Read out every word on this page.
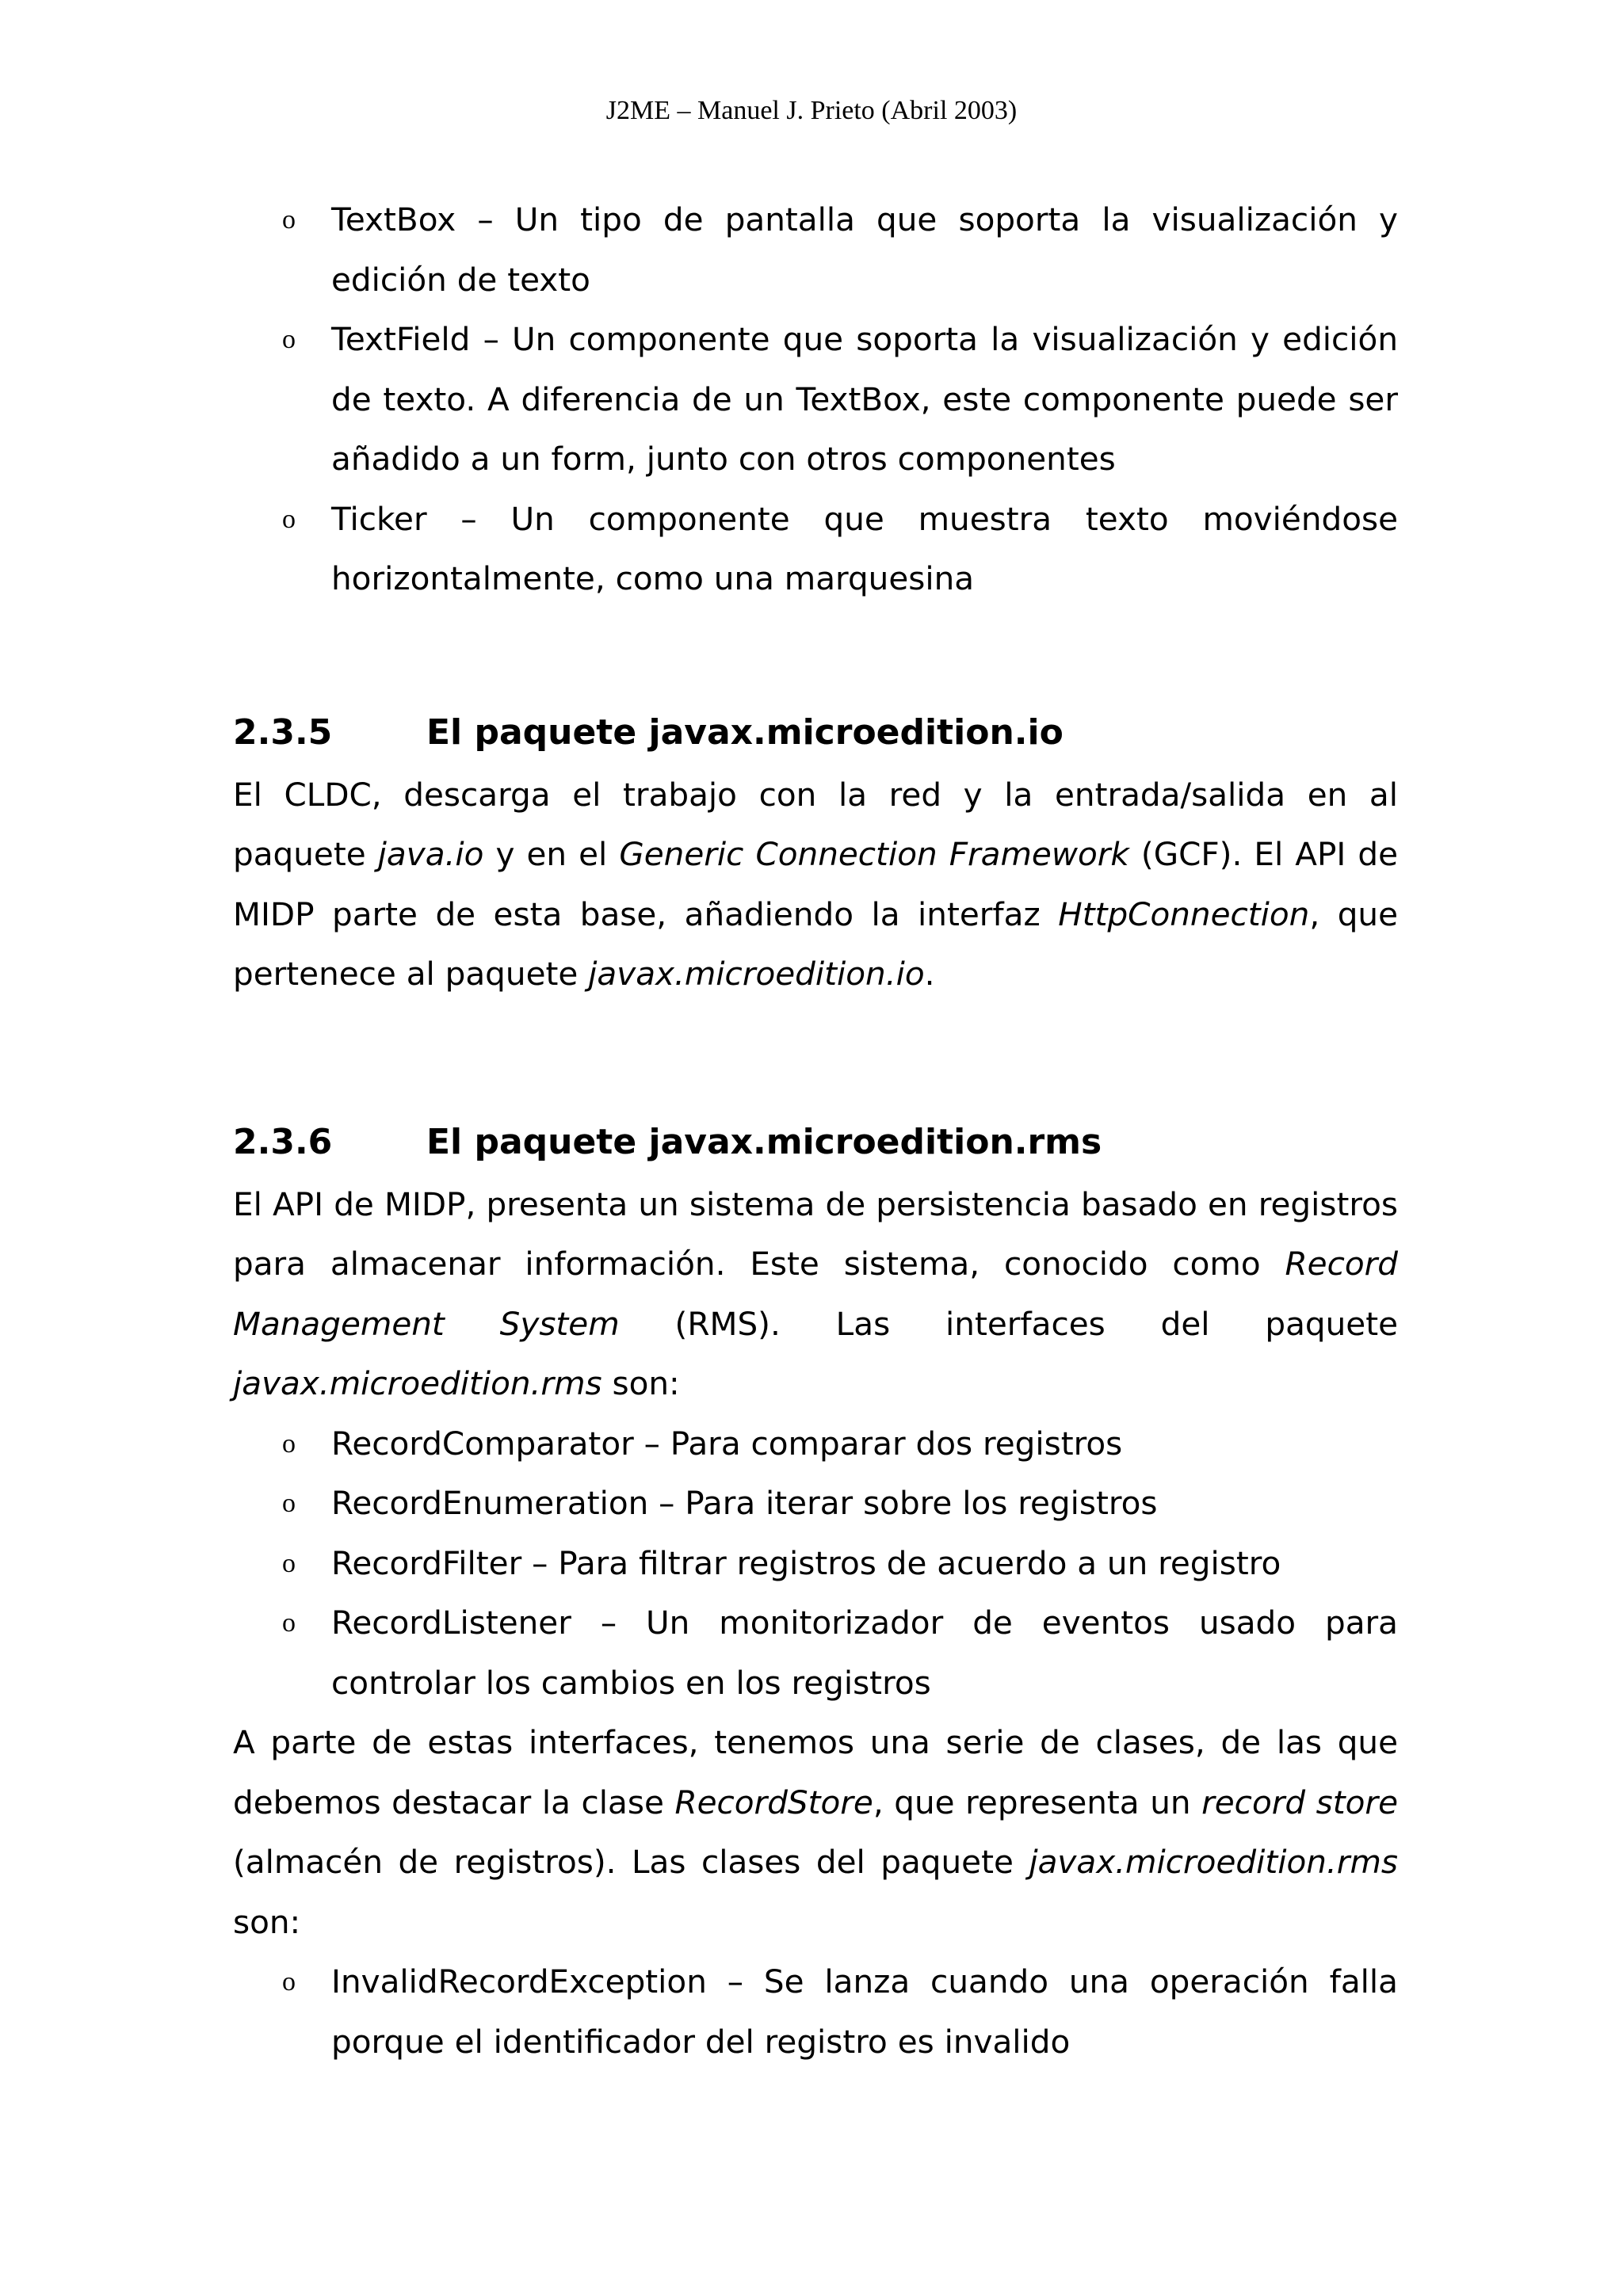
J2ME – Manuel J. Prieto (Abril 2003)
o TextBox – Un tipo de pantalla que soporta la visualización y edición de texto
o TextField – Un componente que soporta la visualización y edición de texto. A diferencia de un TextBox, este componente puede ser añadido a un form, junto con otros componentes
o Ticker – Un componente que muestra texto moviéndose horizontalmente, como una marquesina
2.3.5	El paquete javax.microedition.io

El CLDC, descarga el trabajo con la red y la entrada/salida en al paquete java.io y en el Generic Connection Framework (GCF). El API de MIDP parte de esta base, añadiendo la interfaz HttpConnection, que pertenece al paquete javax.microedition.io.

2.3.6	El paquete javax.microedition.rms

El API de MIDP, presenta un sistema de persistencia basado en registros para almacenar información. Este sistema, conocido como Record Management System (RMS). Las interfaces del paquete javax.microedition.rms son:

o RecordComparator – Para comparar dos registros
o RecordEnumeration – Para iterar sobre los registros
o RecordFilter – Para filtrar registros de acuerdo a un registro
o RecordListener – Un monitorizador de eventos usado para controlar los cambios en los registros

A parte de estas interfaces, tenemos una serie de clases, de las que debemos destacar la clase RecordStore, que representa un record store (almacén de registros). Las clases del paquete javax.microedition.rms son:

o InvalidRecordException – Se lanza cuando una operación falla porque el identificador del registro es invalido
